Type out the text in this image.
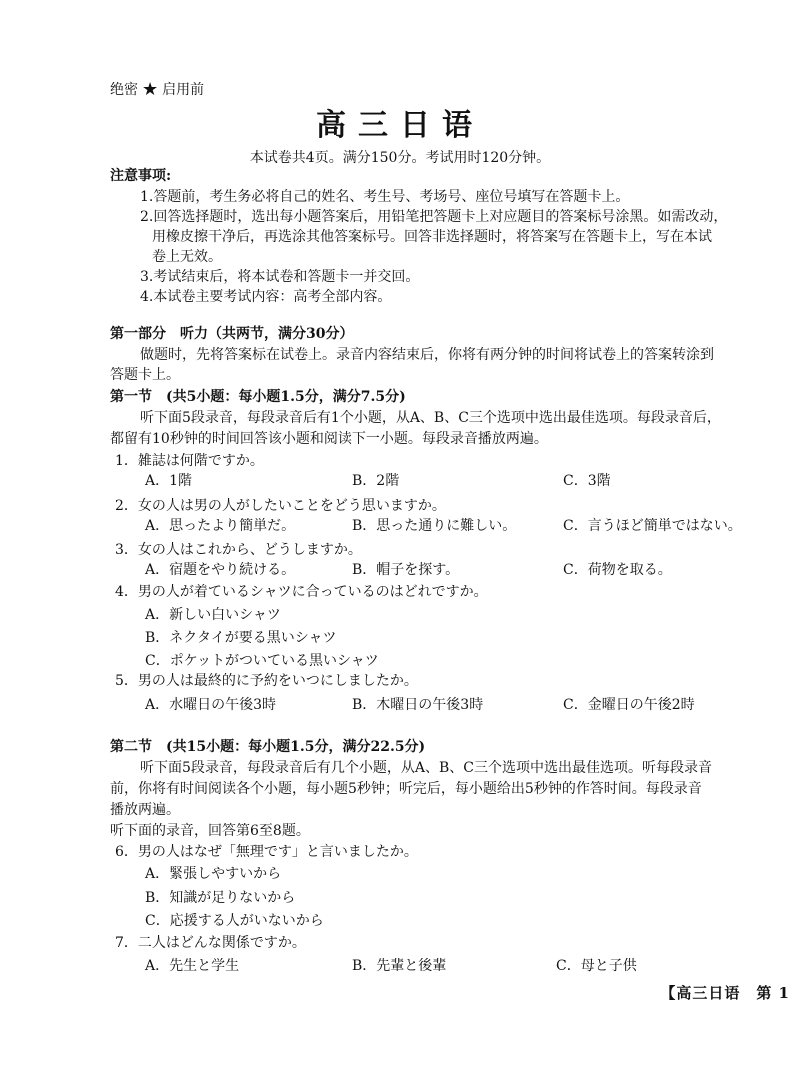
绝密 ★ 启用前
高三日语
本试卷共4页。满分150分。考试用时120分钟。
注意事项:
1.答题前，考生务必将自己的姓名、考生号、考场号、座位号填写在答题卡上。
2.回答选择题时，选出每小题答案后，用铅笔把答题卡上对应题目的答案标号涂黑。如需改动，
用橡皮擦干净后，再选涂其他答案标号。回答非选择题时，将答案写在答题卡上，写在本试
卷上无效。
3.考试结束后，将本试卷和答题卡一并交回。
4.本试卷主要考试内容：高考全部内容。
第一部分　听力（共两节，满分30分）
做题时，先将答案标在试卷上。录音内容结束后，你将有两分钟的时间将试卷上的答案转涂到
答题卡上。
第一节　(共5小题：每小题1.5分，满分7.5分)
听下面5段录音，每段录音后有1个小题，从A、B、C三个选项中选出最佳选项。每段录音后，
都留有10秒钟的时间回答该小题和阅读下一小题。每段录音播放两遍。
1．雑誌は何階ですか。
A．1階	B．2階	C．3階
2．女の人は男の人がしたいことをどう思いますか。
A．思ったより簡単だ。	B．思った通りに難しい。	C．言うほど簡単ではない。
3．女の人はこれから、どうしますか。
A．宿題をやり続ける。	B．帽子を探す。	C．荷物を取る。
4．男の人が着ているシャツに合っているのはどれですか。
A．新しい白いシャツ
B．ネクタイが要る黒いシャツ
C．ポケットがついている黒いシャツ
5．男の人は最終的に予約をいつにしましたか。
A．水曜日の午後3時	B．木曜日の午後3時	C．金曜日の午後2時
第二节　(共15小题：每小题1.5分，满分22.5分)
听下面5段录音，每段录音后有几个小题，从A、B、C三个选项中选出最佳选项。听每段录音
前，你将有时间阅读各个小题，每小题5秒钟；听完后，每小题给出5秒钟的作答时间。每段录音
播放两遍。
听下面的录音，回答第6至8题。
6．男の人はなぜ「無理です」と言いましたか。
A．緊張しやすいから
B．知識が足りないから
C．応援する人がいないから
7．二人はどんな関係ですか。
A．先生と学生	B．先輩と後輩	C．母と子供
【高三日语　第 1
